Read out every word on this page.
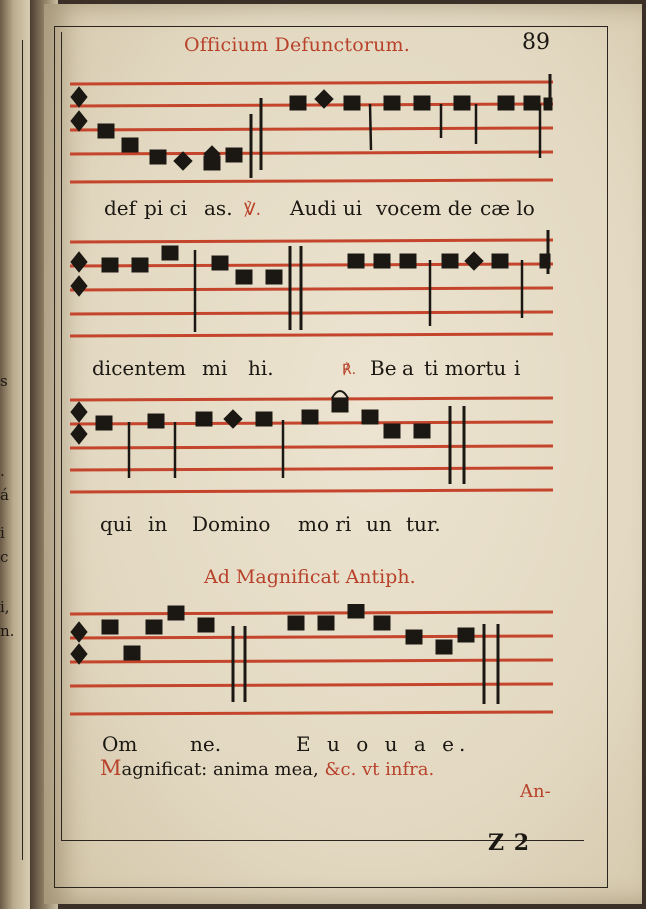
s
.
á
i
c
i,
n.
Officium Defunctorum.	89
def pi ci as. ℣. Audi ui vocem de cæ lo
dicentem mi hi.	℟. Be a ti mortu i
qui in Domino mo ri un tur.
Ad Magnificat Antiph.
Om	ne.	E u o u a e.
Magnificat: anima mea, &c. vt infra.
An-
Z 2
